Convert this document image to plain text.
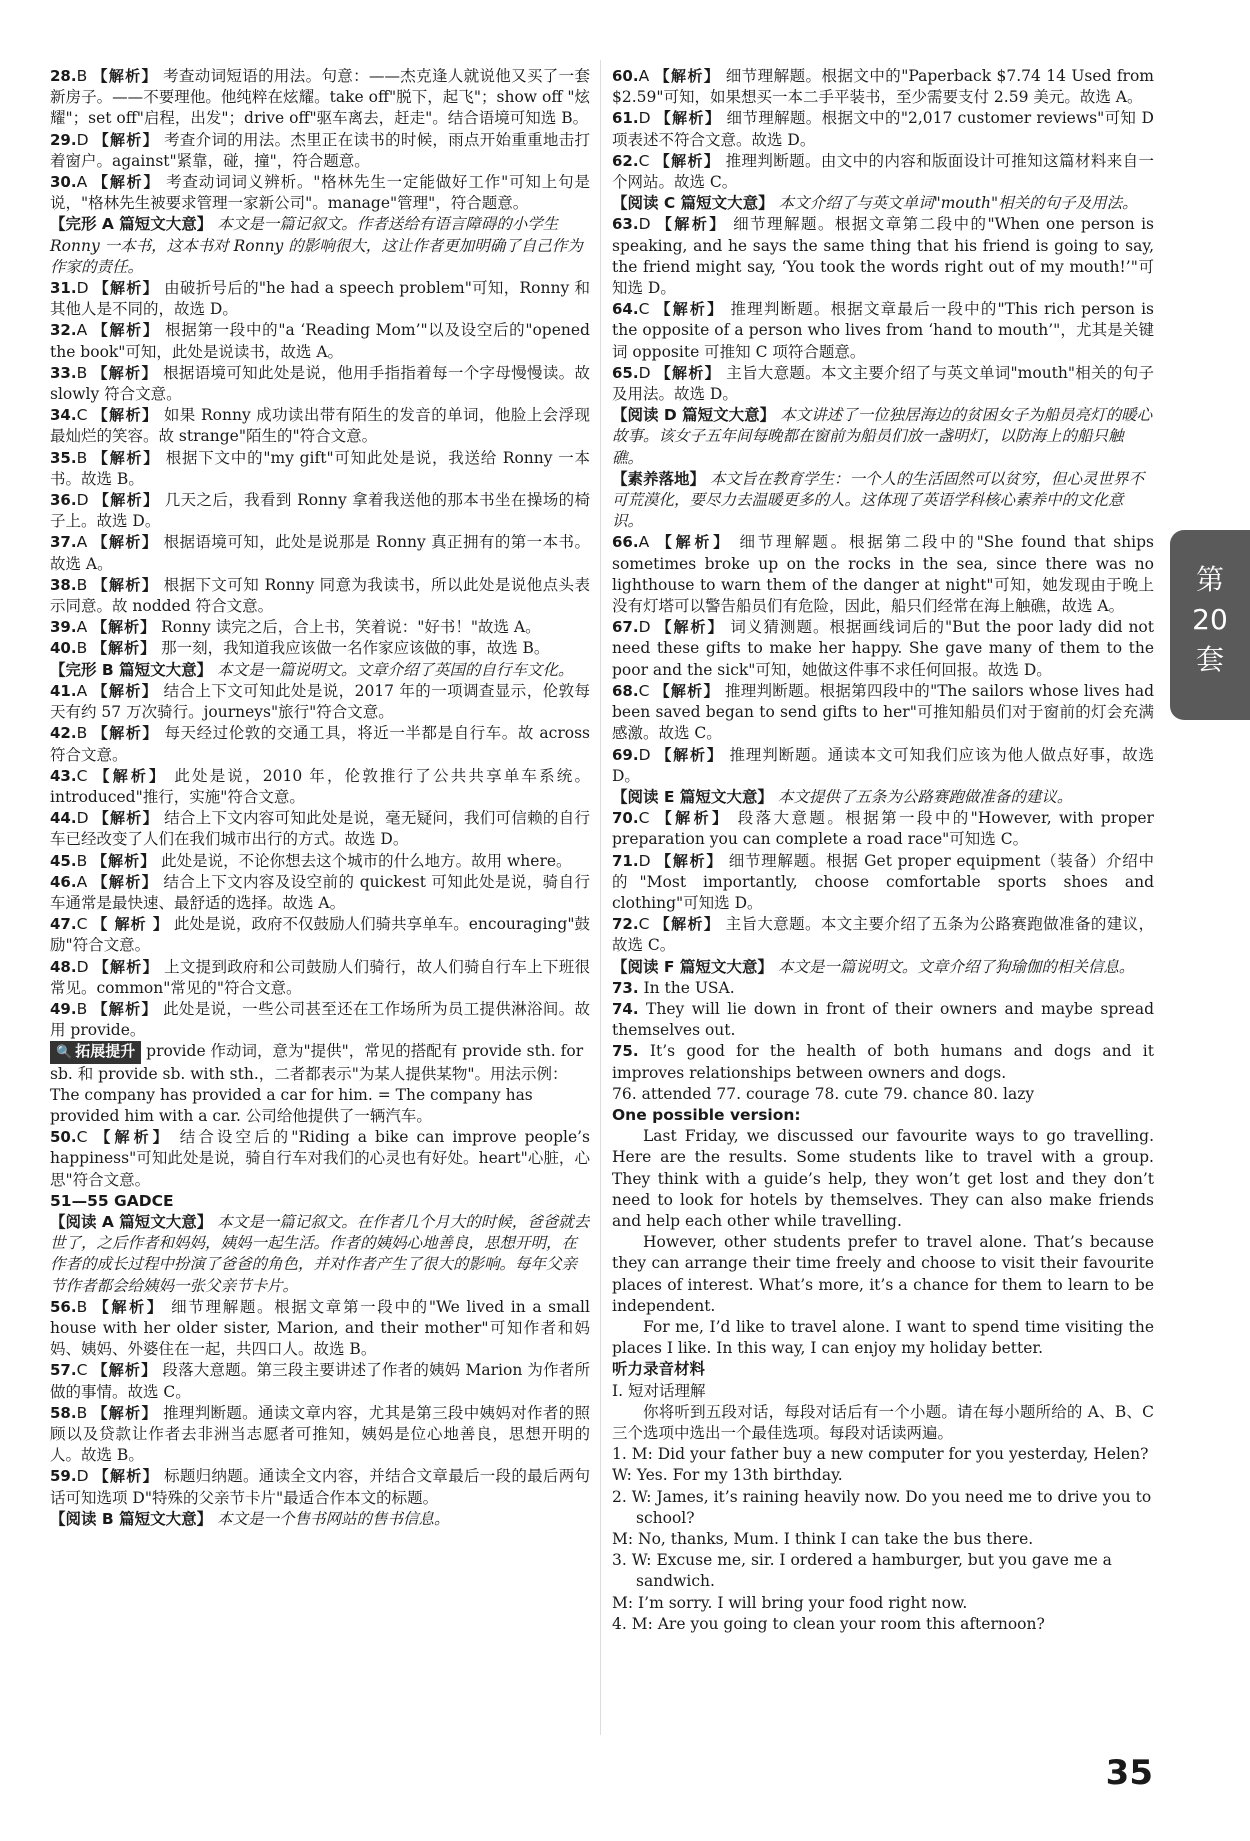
28.B 【解析】 考查动词短语的用法。句意：——杰克逢人就说他又买了一套新房子。——不要理他。他纯粹在炫耀。take off"脱下，起飞"；show off "炫耀"；set off"启程，出发"；drive off"驱车离去，赶走"。结合语境可知选 B。

29.D 【解析】 考查介词的用法。杰里正在读书的时候，雨点开始重重地击打着窗户。against"紧靠，碰，撞"，符合题意。

30.A 【解析】 考查动词词义辨析。"格林先生一定能做好工作"可知上句是说，"格林先生被要求管理一家新公司"。manage"管理"，符合题意。

【完形 A 篇短文大意】 本文是一篇记叙文。作者送给有语言障碍的小学生 Ronny 一本书，这本书对 Ronny 的影响很大，这让作者更加明确了自己作为作家的责任。

31.D 【解析】 由破折号后的"he had a speech problem"可知，Ronny 和其他人是不同的，故选 D。

32.A 【解析】 根据第一段中的"a ‘Reading Mom’"以及设空后的"opened the book"可知，此处是说读书，故选 A。

33.B 【解析】 根据语境可知此处是说，他用手指指着每一个字母慢慢读。故 slowly 符合文意。

34.C 【解析】 如果 Ronny 成功读出带有陌生的发音的单词，他脸上会浮现最灿烂的笑容。故 strange"陌生的"符合文意。

35.B 【解析】 根据下文中的"my gift"可知此处是说，我送给 Ronny 一本书。故选 B。

36.D 【解析】 几天之后，我看到 Ronny 拿着我送他的那本书坐在操场的椅子上。故选 D。

37.A 【解析】 根据语境可知，此处是说那是 Ronny 真正拥有的第一本书。故选 A。

38.B 【解析】 根据下文可知 Ronny 同意为我读书，所以此处是说他点头表示同意。故 nodded 符合文意。

39.A 【解析】 Ronny 读完之后，合上书，笑着说："好书！"故选 A。

40.B 【解析】 那一刻，我知道我应该做一名作家应该做的事，故选 B。

【完形 B 篇短文大意】 本文是一篇说明文。文章介绍了英国的自行车文化。

41.A 【解析】 结合上下文可知此处是说，2017 年的一项调查显示，伦敦每天有约 57 万次骑行。journeys"旅行"符合文意。

42.B 【解析】 每天经过伦敦的交通工具，将近一半都是自行车。故 across 符合文意。

43.C 【解析】 此处是说，2010 年，伦敦推行了公共共享单车系统。introduced"推行，实施"符合文意。

44.D 【解析】 结合上下文内容可知此处是说，毫无疑问，我们可信赖的自行车已经改变了人们在我们城市出行的方式。故选 D。

45.B 【解析】 此处是说，不论你想去这个城市的什么地方。故用 where。

46.A 【解析】 结合上下文内容及设空前的 quickest 可知此处是说，骑自行车通常是最快速、最舒适的选择。故选 A。

47.C 【 解析 】 此处是说，政府不仅鼓励人们骑共享单车。encouraging"鼓励"符合文意。

48.D 【解析】 上文提到政府和公司鼓励人们骑行，故人们骑自行车上下班很常见。common"常见的"符合文意。

49.B 【解析】 此处是说，一些公司甚至还在工作场所为员工提供淋浴间。故用 provide。

🔍 拓展提升 provide 作动词，意为"提供"，常见的搭配有 provide sth. for sb. 和 provide sb. with sth.，二者都表示"为某人提供某物"。用法示例：The company has provided a car for him. = The company has provided him with a car. 公司给他提供了一辆汽车。

50.C 【解析】 结合设空后的"Riding a bike can improve people’s happiness"可知此处是说，骑自行车对我们的心灵也有好处。heart"心脏，心思"符合文意。

51—55 GADCE

【阅读 A 篇短文大意】 本文是一篇记叙文。在作者几个月大的时候，爸爸就去世了，之后作者和妈妈，姨妈一起生活。作者的姨妈心地善良，思想开明，在作者的成长过程中扮演了爸爸的角色，并对作者产生了很大的影响。每年父亲节作者都会给姨妈一张父亲节卡片。

56.B 【解析】 细节理解题。根据文章第一段中的"We lived in a small house with her older sister, Marion, and their mother"可知作者和妈妈、姨妈、外婆住在一起，共四口人。故选 B。

57.C 【解析】 段落大意题。第三段主要讲述了作者的姨妈 Marion 为作者所做的事情。故选 C。

58.B 【解析】 推理判断题。通读文章内容，尤其是第三段中姨妈对作者的照顾以及贷款让作者去非洲当志愿者可推知，姨妈是位心地善良，思想开明的人。故选 B。

59.D 【解析】 标题归纳题。通读全文内容，并结合文章最后一段的最后两句话可知选项 D"特殊的父亲节卡片"最适合作本文的标题。

【阅读 B 篇短文大意】 本文是一个售书网站的售书信息。

60.A 【解析】 细节理解题。根据文中的"Paperback $7.74 14 Used from $2.59"可知，如果想买一本二手平装书，至少需要支付 2.59 美元。故选 A。

61.D 【解析】 细节理解题。根据文中的"2,017 customer reviews"可知 D 项表述不符合文意。故选 D。

62.C 【解析】 推理判断题。由文中的内容和版面设计可推知这篇材料来自一个网站。故选 C。

【阅读 C 篇短文大意】 本文介绍了与英文单词"mouth"相关的句子及用法。

63.D 【解析】 细节理解题。根据文章第二段中的"When one person is speaking, and he says the same thing that his friend is going to say, the friend might say, ‘You took the words right out of my mouth!’"可知选 D。

64.C 【解析】 推理判断题。根据文章最后一段中的"This rich person is the opposite of a person who lives from ‘hand to mouth’"，尤其是关键词 opposite 可推知 C 项符合题意。

65.D 【解析】 主旨大意题。本文主要介绍了与英文单词"mouth"相关的句子及用法。故选 D。

【阅读 D 篇短文大意】 本文讲述了一位独居海边的贫困女子为船员亮灯的暖心故事。该女子五年间每晚都在窗前为船员们放一盏明灯，以防海上的船只触礁。

【素养落地】 本文旨在教育学生：一个人的生活固然可以贫穷，但心灵世界不可荒漠化，要尽力去温暖更多的人。这体现了英语学科核心素养中的文化意识。

66.A 【解析】 细节理解题。根据第二段中的"She found that ships sometimes broke up on the rocks in the sea, since there was no lighthouse to warn them of the danger at night"可知，她发现由于晚上没有灯塔可以警告船员们有危险，因此，船只们经常在海上触礁，故选 A。

67.D 【解析】 词义猜测题。根据画线词后的"But the poor lady did not need these gifts to make her happy. She gave many of them to the poor and the sick"可知，她做这件事不求任何回报。故选 D。

68.C 【解析】 推理判断题。根据第四段中的"The sailors whose lives had been saved began to send gifts to her"可推知船员们对于窗前的灯会充满感激。故选 C。

69.D 【解析】 推理判断题。通读本文可知我们应该为他人做点好事，故选 D。

【阅读 E 篇短文大意】 本文提供了五条为公路赛跑做准备的建议。

70.C 【解析】 段落大意题。根据第一段中的"However, with proper preparation you can complete a road race"可知选 C。

71.D 【解析】 细节理解题。根据 Get proper equipment（装备）介绍中的"Most importantly, choose comfortable sports shoes and clothing"可知选 D。

72.C 【解析】 主旨大意题。本文主要介绍了五条为公路赛跑做准备的建议，故选 C。

【阅读 F 篇短文大意】 本文是一篇说明文。文章介绍了狗瑜伽的相关信息。

73. In the USA.

74. They will lie down in front of their owners and maybe spread themselves out.

75. It’s good for the health of both humans and dogs and it improves relationships between owners and dogs.

76. attended 77. courage 78. cute 79. chance 80. lazy

One possible version:

Last Friday, we discussed our favourite ways to go travelling. Here are the results. Some students like to travel with a group. They think with a guide’s help, they won’t get lost and they don’t need to look for hotels by themselves. They can also make friends and help each other while travelling.

However, other students prefer to travel alone. That’s because they can arrange their time freely and choose to visit their favourite places of interest. What’s more, it’s a chance for them to learn to be independent.

For me, I’d like to travel alone. I want to spend time visiting the places I like. In this way, I can enjoy my holiday better.

听力录音材料

Ⅰ. 短对话理解

你将听到五段对话，每段对话后有一个小题。请在每小题所给的 A、B、C 三个选项中选出一个最佳选项。每段对话读两遍。

1. M: Did your father buy a new computer for you yesterday, Helen?

W: Yes. For my 13th birthday.

2. W: James, it’s raining heavily now. Do you need me to drive you to school?

M: No, thanks, Mum. I think I can take the bus there.

3. W: Excuse me, sir. I ordered a hamburger, but you gave me a sandwich.

M: I’m sorry. I will bring your food right now.

4. M: Are you going to clean your room this afternoon?

第
20
套
35
